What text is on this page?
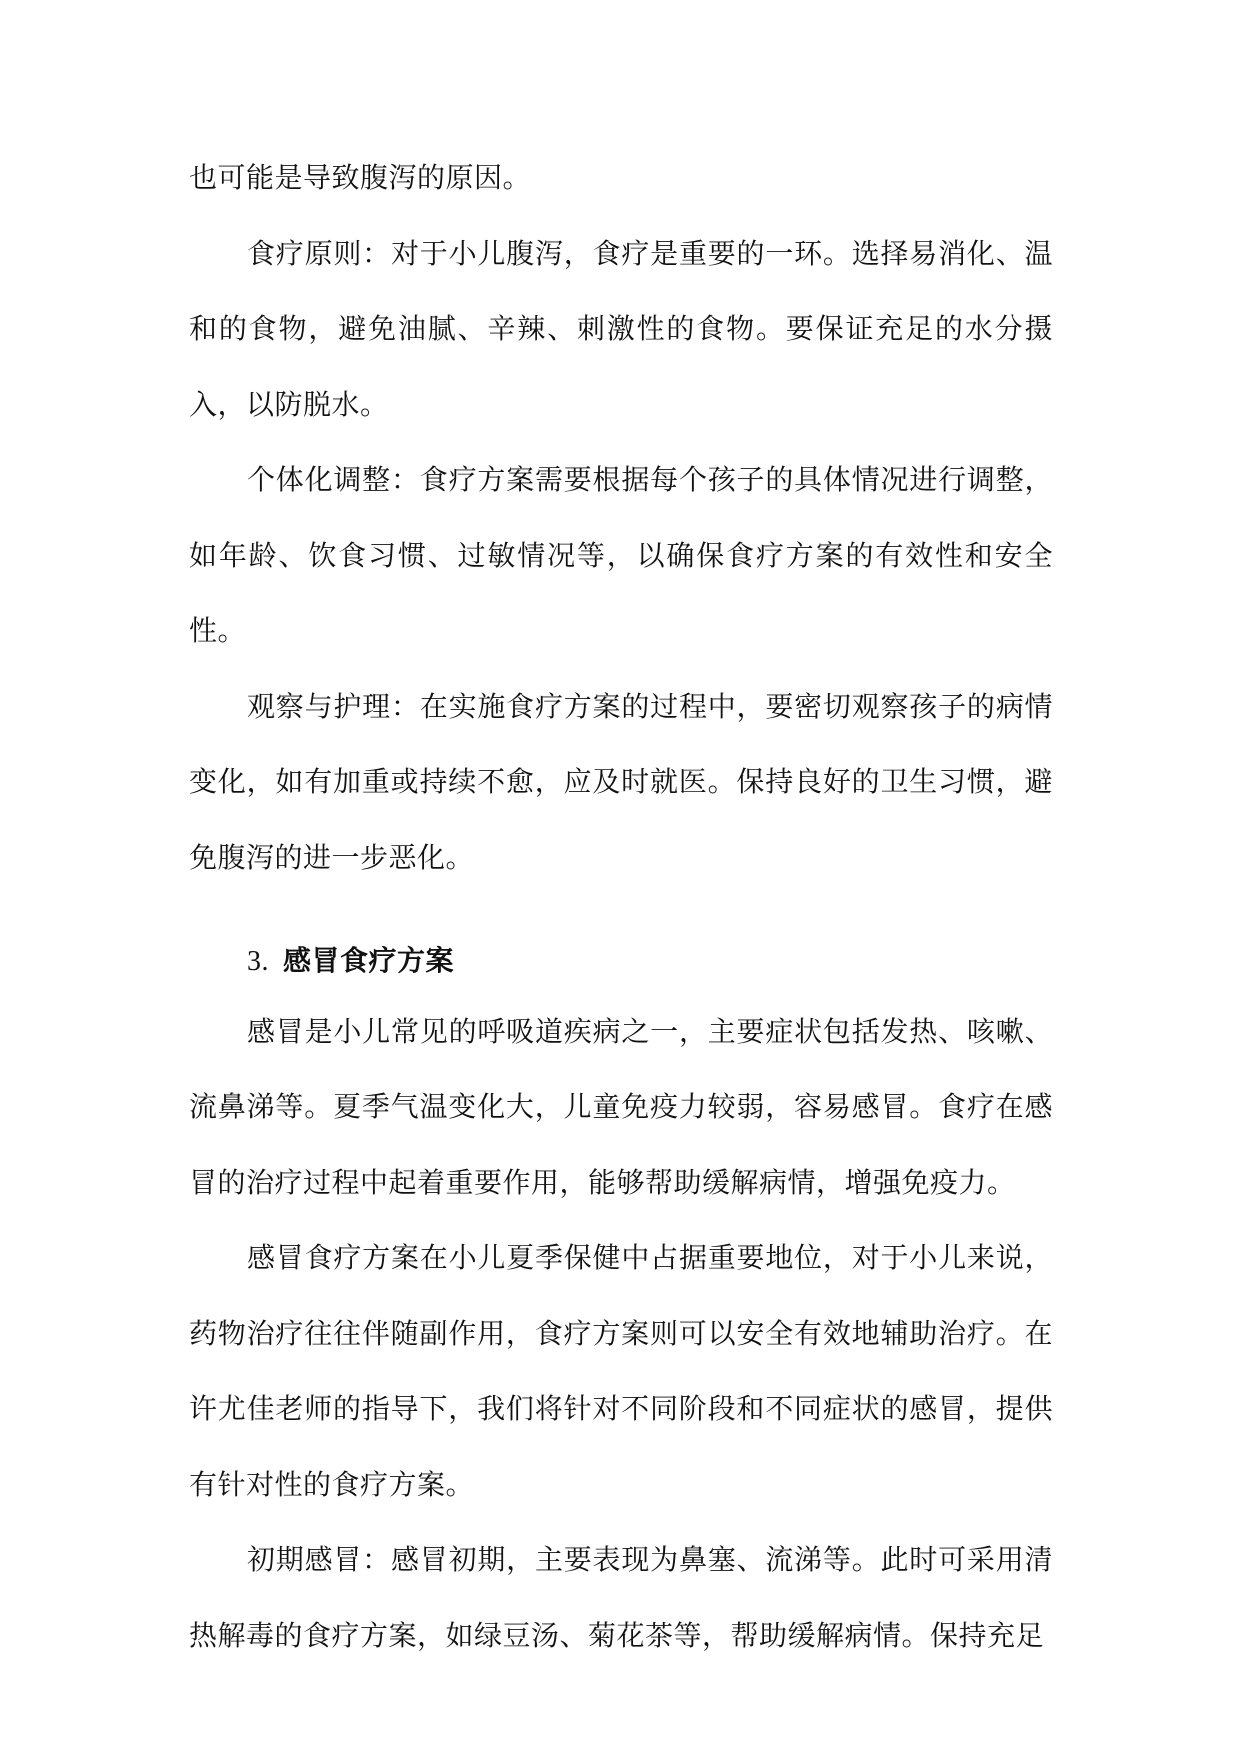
也可能是导致腹泻的原因。

食疗原则：对于小儿腹泻，食疗是重要的一环。选择易消化、温和的食物，避免油腻、辛辣、刺激性的食物。要保证充足的水分摄入，以防脱水。

个体化调整：食疗方案需要根据每个孩子的具体情况进行调整，如年龄、饮食习惯、过敏情况等，以确保食疗方案的有效性和安全性。

观察与护理：在实施食疗方案的过程中，要密切观察孩子的病情变化，如有加重或持续不愈，应及时就医。保持良好的卫生习惯，避免腹泻的进一步恶化。

3. 感冒食疗方案

感冒是小儿常见的呼吸道疾病之一，主要症状包括发热、咳嗽、流鼻涕等。夏季气温变化大，儿童免疫力较弱，容易感冒。食疗在感冒的治疗过程中起着重要作用，能够帮助缓解病情，增强免疫力。

感冒食疗方案在小儿夏季保健中占据重要地位，对于小儿来说，药物治疗往往伴随副作用，食疗方案则可以安全有效地辅助治疗。在许尤佳老师的指导下，我们将针对不同阶段和不同症状的感冒，提供有针对性的食疗方案。

初期感冒：感冒初期，主要表现为鼻塞、流涕等。此时可采用清热解毒的食疗方案，如绿豆汤、菊花茶等，帮助缓解病情。保持充足
